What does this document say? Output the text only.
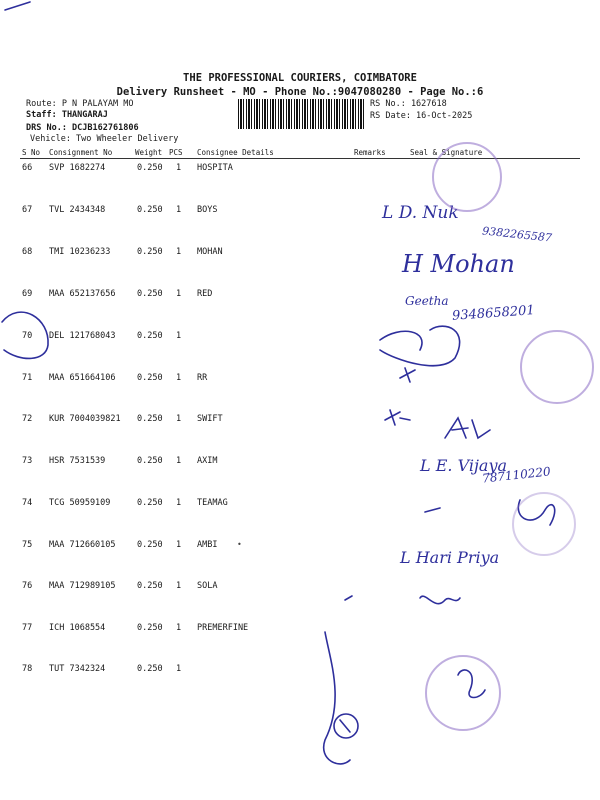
THE PROFESSIONAL COURIERS, COIMBATORE
Delivery Runsheet - MO - Phone No.:9047080280 - Page No.:6
Route: P N PALAYAM MO
Staff: THANGARAJ
DRS No.: DCJB162761806
Vehicle: Two Wheeler Delivery
RS No.: 1627618
RS Date: 16-Oct-2025
S No Consignment No	Weight PCS Consignee Details	Remarks	Seal & Signature
66 SVP 1682274	0.250 1 HOSPITA
67 TVL 2434348	0.250 1 BOYS
68 TMI 10236233	0.250 1 MOHAN
69 MAA 652137656	0.250 1 RED
70 DEL 121768043	0.250 1
71 MAA 651664106	0.250 1 RR
72 KUR 7004039821 0.250 1 SWIFT
73 HSR 7531539	0.250 1 AXIM
74 TCG 50959109	0.250 1 TEAMAG
75 MAA 712660105	0.250 1 AMBI
76 MAA 712989105	0.250 1 SOLA
77 ICH 1068554	0.250 1 PREMERFINE
78 TUT 7342324	0.250 1
L D. Nuk
9382265587
H Mohan
Geetha
9348658201
L E. Vijaya
787110220
L Hari Priya
•
